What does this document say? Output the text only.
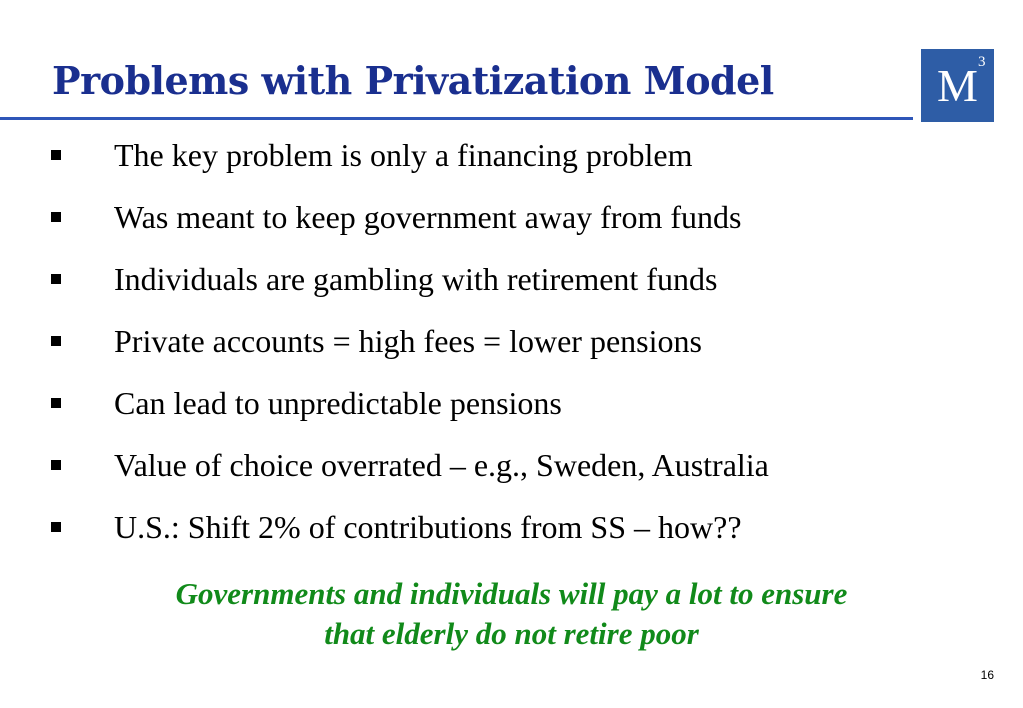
Problems with Privatization Model	M 3
The key problem is only a financing problem
Was meant to keep government away from funds
Individuals are gambling with retirement funds
Private accounts = high fees = lower pensions
Can lead to unpredictable pensions
Value of choice overrated – e.g., Sweden, Australia
U.S.: Shift 2% of contributions from SS – how??
Governments and individuals will pay a lot to ensure
that elderly do not retire poor
16
